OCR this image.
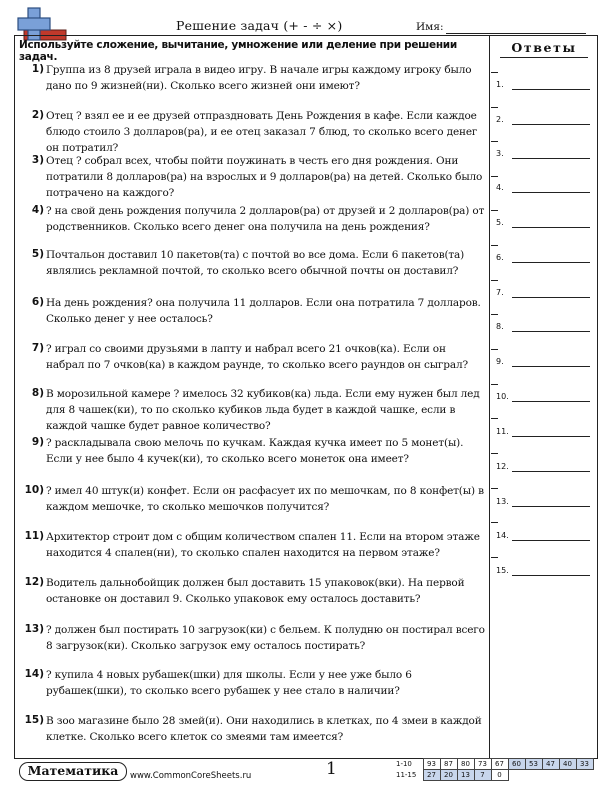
Решение задач (+ - ÷ ×)	Имя:
Используйте сложение, вычитание, умножение или деление при решении задач.
1) Группа из 8 друзей играла в видео игру. В начале игры каждому игроку было дано по 9 жизней(ни). Сколько всего жизней они имеют?
2) Отец ? взял ее и ее друзей отпраздновать День Рождения в кафе. Если каждое блюдо стоило 3 долларов(ра), и ее отец заказал 7 блюд, то сколько всего денег он потратил?
3) Отец ? собрал всех, чтобы пойти поужинать в честь его дня рождения. Они потратили 8 долларов(ра) на взрослых и 9 долларов(ра) на детей. Сколько было потрачено на каждого?
4) ? на свой день рождения получила 2 долларов(ра) от друзей и 2 долларов(ра) от родственников. Сколько всего денег она получила на день рождения?
5) Почтальон доставил 10 пакетов(та) с почтой во все дома. Если 6 пакетов(та) являлись рекламной почтой, то сколько всего обычной почты он доставил?
6) На день рождения? она получила 11 долларов. Если она потратила 7 долларов. Сколько денег у нее осталось?
7) ? играл со своими друзьями в лапту и набрал всего 21 очков(ка). Если он набрал по 7 очков(ка) в каждом раунде, то сколько всего раундов он сыграл?
8) В морозильной камере ? имелось 32 кубиков(ка) льда. Если ему нужен был лед для 8 чашек(ки), то по сколько кубиков льда будет в каждой чашке, если в каждой чашке будет равное количество?
9) ? раскладывала свою мелочь по кучкам. Каждая кучка имеет по 5 монет(ы). Если у нее было 4 кучек(ки), то сколько всего монеток она имеет?
10) ? имел 40 штук(и) конфет. Если он расфасует их по мешочкам, по 8 конфет(ы) в каждом мешочке, то сколько мешочков получится?
11) Архитектор строит дом с общим количеством спален 11. Если на втором этаже находится 4 спален(ни), то сколько спален находится на первом этаже?
12) Водитель дальнобойщик должен был доставить 15 упаковок(вки). На первой остановке он доставил 9. Сколько упаковок ему осталось доставить?
13) ? должен был постирать 10 загрузок(ки) с бельем. К полудню он постирал всего 8 загрузок(ки). Сколько загрузок ему осталось постирать?
14) ? купила 4 новых рубашек(шки) для школы. Если у нее уже было 6 рубашек(шки), то сколько всего рубашек у нее стало в наличии?
15) В зоо магазине было 28 змей(и). Они находились в клетках, по 4 змеи в каждой клетке. Сколько всего клеток со змеями там имеется?
Ответы
1.
2.
3.
4.
5.
6.
7.
8.
9.
10.
11.
12.
13.
14.
15.
Математика	www.CommonCoreSheets.ru	1	1-10	93	87	80	73	67	60	53	47	40	33
11-15	27	20	13	7	0					
